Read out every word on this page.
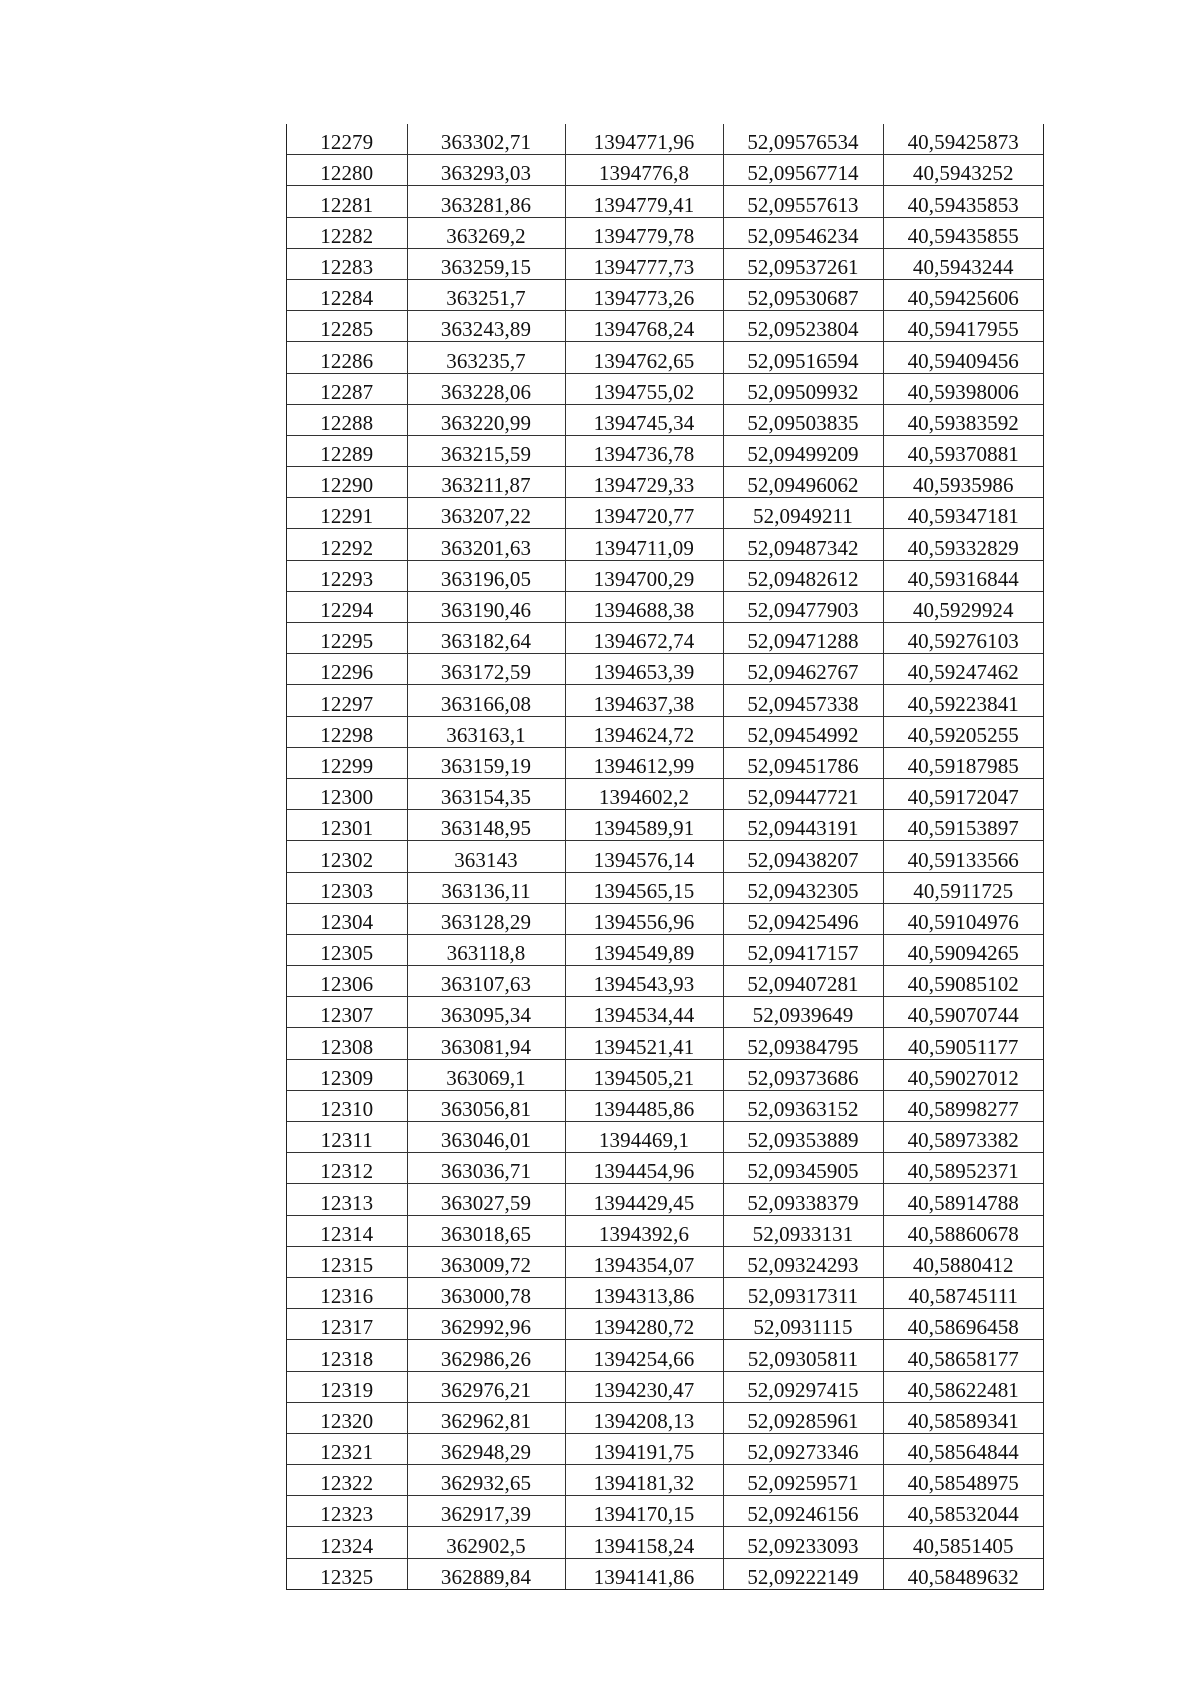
12279	363302,71	1394771,96	52,09576534	40,59425873
12280	363293,03	1394776,8	52,09567714	40,5943252
12281	363281,86	1394779,41	52,09557613	40,59435853
12282	363269,2	1394779,78	52,09546234	40,59435855
12283	363259,15	1394777,73	52,09537261	40,5943244
12284	363251,7	1394773,26	52,09530687	40,59425606
12285	363243,89	1394768,24	52,09523804	40,59417955
12286	363235,7	1394762,65	52,09516594	40,59409456
12287	363228,06	1394755,02	52,09509932	40,59398006
12288	363220,99	1394745,34	52,09503835	40,59383592
12289	363215,59	1394736,78	52,09499209	40,59370881
12290	363211,87	1394729,33	52,09496062	40,5935986
12291	363207,22	1394720,77	52,0949211	40,59347181
12292	363201,63	1394711,09	52,09487342	40,59332829
12293	363196,05	1394700,29	52,09482612	40,59316844
12294	363190,46	1394688,38	52,09477903	40,5929924
12295	363182,64	1394672,74	52,09471288	40,59276103
12296	363172,59	1394653,39	52,09462767	40,59247462
12297	363166,08	1394637,38	52,09457338	40,59223841
12298	363163,1	1394624,72	52,09454992	40,59205255
12299	363159,19	1394612,99	52,09451786	40,59187985
12300	363154,35	1394602,2	52,09447721	40,59172047
12301	363148,95	1394589,91	52,09443191	40,59153897
12302	363143	1394576,14	52,09438207	40,59133566
12303	363136,11	1394565,15	52,09432305	40,5911725
12304	363128,29	1394556,96	52,09425496	40,59104976
12305	363118,8	1394549,89	52,09417157	40,59094265
12306	363107,63	1394543,93	52,09407281	40,59085102
12307	363095,34	1394534,44	52,0939649	40,59070744
12308	363081,94	1394521,41	52,09384795	40,59051177
12309	363069,1	1394505,21	52,09373686	40,59027012
12310	363056,81	1394485,86	52,09363152	40,58998277
12311	363046,01	1394469,1	52,09353889	40,58973382
12312	363036,71	1394454,96	52,09345905	40,58952371
12313	363027,59	1394429,45	52,09338379	40,58914788
12314	363018,65	1394392,6	52,0933131	40,58860678
12315	363009,72	1394354,07	52,09324293	40,5880412
12316	363000,78	1394313,86	52,09317311	40,58745111
12317	362992,96	1394280,72	52,0931115	40,58696458
12318	362986,26	1394254,66	52,09305811	40,58658177
12319	362976,21	1394230,47	52,09297415	40,58622481
12320	362962,81	1394208,13	52,09285961	40,58589341
12321	362948,29	1394191,75	52,09273346	40,58564844
12322	362932,65	1394181,32	52,09259571	40,58548975
12323	362917,39	1394170,15	52,09246156	40,58532044
12324	362902,5	1394158,24	52,09233093	40,5851405
12325	362889,84	1394141,86	52,09222149	40,58489632
